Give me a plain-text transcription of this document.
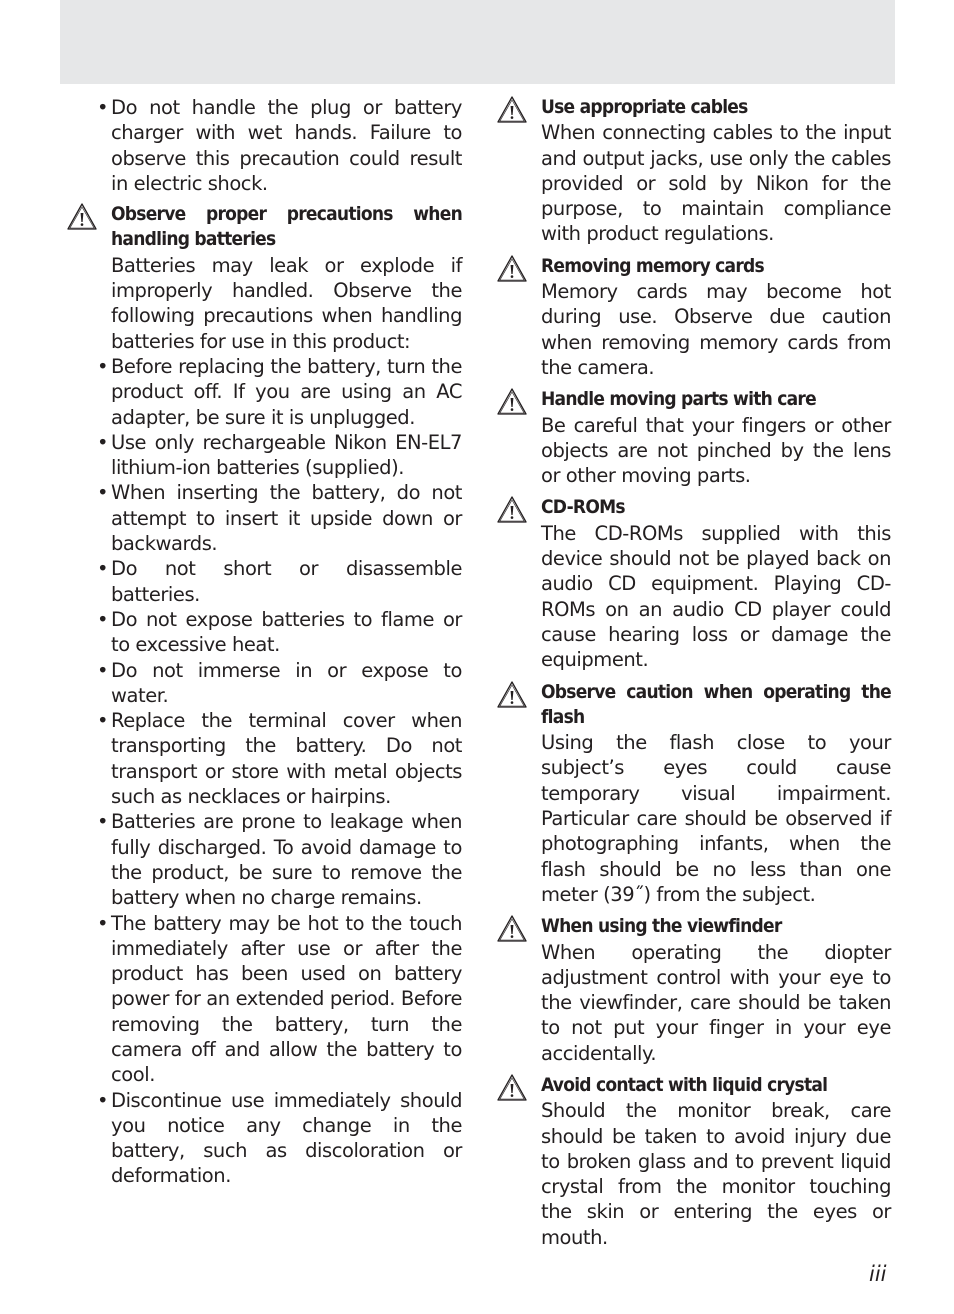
• Do not handle the plug or battery charger with wet hands. Failure to observe this precaution could result in electric shock.
Observe proper precautions when handling batteries
Batteries may leak or explode if improperly handled. Observe the following precautions when handling batteries for use in this product:
• Before replacing the battery, turn the product off. If you are using an AC adapter, be sure it is unplugged.
• Use only rechargeable Nikon EN-EL7 lithium-ion batteries (supplied).
• When inserting the battery, do not attempt to insert it upside down or backwards.
• Do not short or disassemble batteries.
• Do not expose batteries to flame or to excessive heat.
• Do not immerse in or expose to water.
• Replace the terminal cover when transporting the battery. Do not transport or store with metal objects such as necklaces or hairpins.
• Batteries are prone to leakage when fully discharged. To avoid damage to the product, be sure to remove the battery when no charge remains.
• The battery may be hot to the touch immediately after use or after the product has been used on battery power for an extended period. Before removing the battery, turn the camera off and allow the battery to cool.
• Discontinue use immediately should you notice any change in the battery, such as discoloration or deformation.
Use appropriate cables
When connecting cables to the input and output jacks, use only the cables provided or sold by Nikon for the purpose, to maintain compliance with product regulations.
Removing memory cards
Memory cards may become hot during use. Observe due caution when removing memory cards from the camera.
Handle moving parts with care
Be careful that your fingers or other objects are not pinched by the lens or other moving parts.
CD-ROMs
The CD-ROMs supplied with this device should not be played back on audio CD equipment. Playing CD-ROMs on an audio CD player could cause hearing loss or damage the equipment.
Observe caution when operating the flash
Using the flash close to your subject’s eyes could cause temporary visual impairment. Particular care should be observed if photographing infants, when the flash should be no less than one meter (39˝) from the subject.
When using the viewfinder
When operating the diopter adjustment control with your eye to the viewfinder, care should be taken to not put your finger in your eye accidentally.
Avoid contact with liquid crystal
Should the monitor break, care should be taken to avoid injury due to broken glass and to prevent liquid crystal from the monitor touching the skin or entering the eyes or mouth.
iii
